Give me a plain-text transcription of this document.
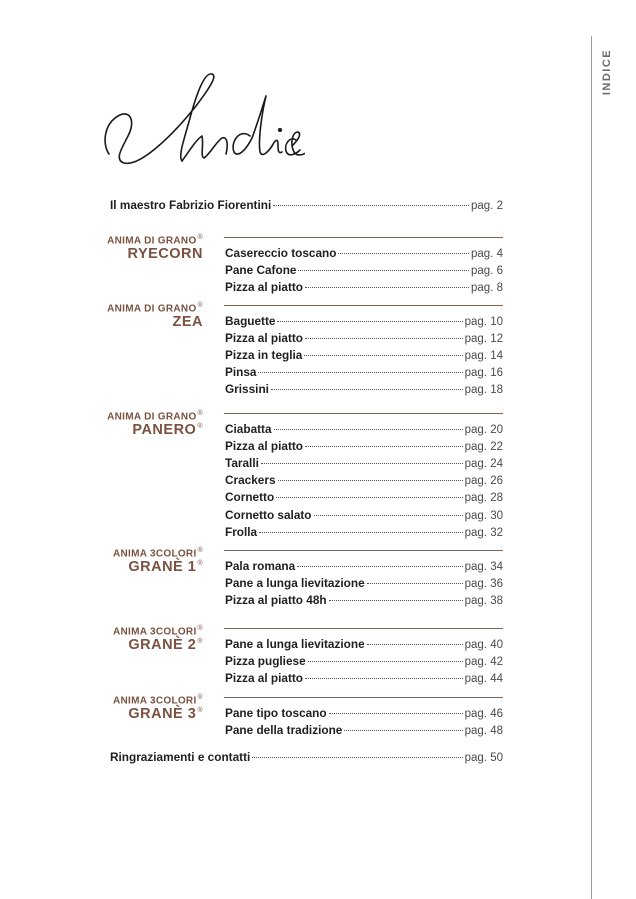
INDICE
Il maestro Fabrizio Fiorentini	pag. 2
ANIMA DI GRANO®
RYECORN Casereccio toscano	pag. 4
Pane Cafone	pag. 6
Pizza al piatto	pag. 8
ANIMA DI GRANO®
ZEA Baguette	pag. 10
Pizza al piatto	pag. 12
Pizza in teglia	pag. 14
Pinsa	pag. 16
Grissini	pag. 18
ANIMA DI GRANO®
PANERO® Ciabatta	pag. 20
Pizza al piatto	pag. 22
Taralli	pag. 24
Crackers	pag. 26
Cornetto	pag. 28
Cornetto salato	pag. 30
Frolla	pag. 32
ANIMA 3COLORI®
GRANÈ 1® Pala romana	pag. 34
Pane a lunga lievitazione	pag. 36
Pizza al piatto 48h	pag. 38
ANIMA 3COLORI®
GRANÈ 2® Pane a lunga lievitazione	pag. 40
Pizza pugliese	pag. 42
Pizza al piatto	pag. 44
ANIMA 3COLORI®
GRANÈ 3® Pane tipo toscano	pag. 46
Pane della tradizione	pag. 48
Ringraziamenti e contatti	pag. 50
